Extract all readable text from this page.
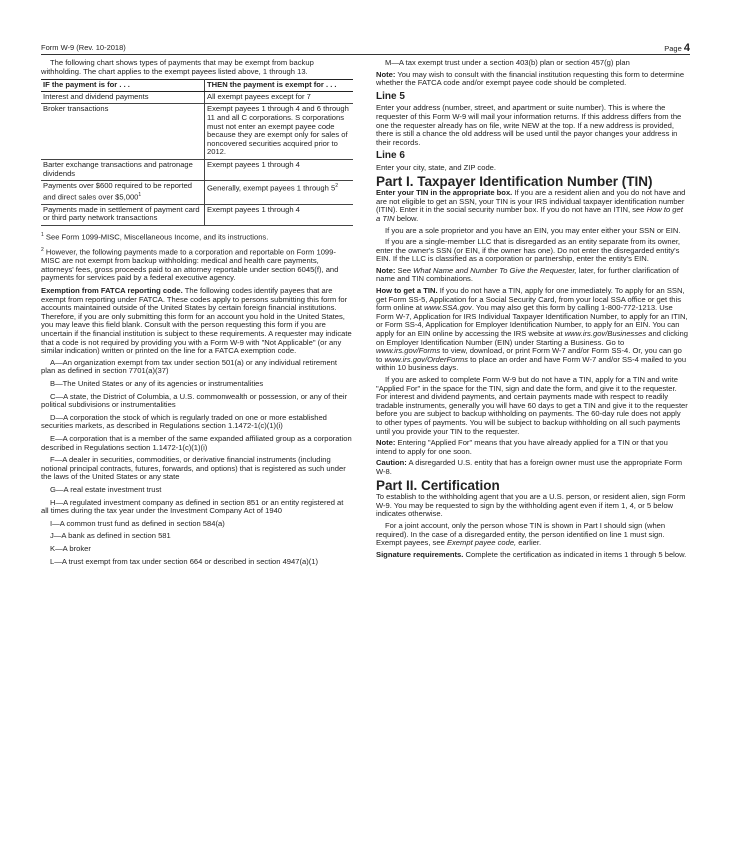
Form W-9 (Rev. 10-2018)	Page 4

The following chart shows types of payments that may be exempt from backup withholding. The chart applies to the exempt payees listed above, 1 through 13.

IF the payment is for . . .	THEN the payment is exempt for . . .
Interest and dividend payments	All exempt payees except for 7
Broker transactions	Exempt payees 1 through 4 and 6 through 11 and all C corporations. S corporations must not enter an exempt payee code because they are exempt only for sales of noncovered securities acquired prior to 2012.
Barter exchange transactions and patronage dividends	Exempt payees 1 through 4
Payments over $600 required to be reported and direct sales over $5,000$^1$	Generally, exempt payees 1 through $5^2$
Payments made in settlement of payment card or third party network transactions	Exempt payees 1 through 4

$^1$ See Form 1099-MISC, Miscellaneous Income, and its instructions.

$^2$ However, the following payments made to a corporation and reportable on Form 1099-MISC are not exempt from backup withholding: medical and health care payments, attorneys' fees, gross proceeds paid to an attorney reportable under section 6045(f), and payments for services paid by a federal executive agency.

Exemption from FATCA reporting code. The following codes identify payees that are exempt from reporting under FATCA. These codes apply to persons submitting this form for accounts maintained outside of the United States by certain foreign financial institutions. Therefore, if you are only submitting this form for an account you hold in the United States, you may leave this field blank. Consult with the person requesting this form if you are uncertain if the financial institution is subject to these requirements. A requester may indicate that a code is not required by providing you with a Form W-9 with "Not Applicable" (or any similar indication) written or printed on the line for a FATCA exemption code.

A—An organization exempt from tax under section 501(a) or any individual retirement plan as defined in section 7701(a)(37)

B—The United States or any of its agencies or instrumentalities

C—A state, the District of Columbia, a U.S. commonwealth or possession, or any of their political subdivisions or instrumentalities

D—A corporation the stock of which is regularly traded on one or more established securities markets, as described in Regulations section 1.1472-1(c)(1)(i)

E—A corporation that is a member of the same expanded affiliated group as a corporation described in Regulations section 1.1472-1(c)(1)(i)

F—A dealer in securities, commodities, or derivative financial instruments (including notional principal contracts, futures, forwards, and options) that is registered as such under the laws of the United States or any state

G—A real estate investment trust

H—A regulated investment company as defined in section 851 or an entity registered at all times during the tax year under the Investment Company Act of 1940

I—A common trust fund as defined in section 584(a)

J—A bank as defined in section 581

K—A broker

L—A trust exempt from tax under section 664 or described in section 4947(a)(1)

M—A tax exempt trust under a section 403(b) plan or section 457(g) plan

Note: You may wish to consult with the financial institution requesting this form to determine whether the FATCA code and/or exempt payee code should be completed.

Line 5

Enter your address (number, street, and apartment or suite number). This is where the requester of this Form W-9 will mail your information returns. If this address differs from the one the requester already has on file, write NEW at the top. If a new address is provided, there is still a chance the old address will be used until the payor changes your address in their records.

Line 6

Enter your city, state, and ZIP code.

Part I. Taxpayer Identification Number (TIN)

Enter your TIN in the appropriate box. If you are a resident alien and you do not have and are not eligible to get an SSN, your TIN is your IRS individual taxpayer identification number (ITIN). Enter it in the social security number box. If you do not have an ITIN, see How to get a TIN below.

If you are a sole proprietor and you have an EIN, you may enter either your SSN or EIN.

If you are a single-member LLC that is disregarded as an entity separate from its owner, enter the owner's SSN (or EIN, if the owner has one). Do not enter the disregarded entity's EIN. If the LLC is classified as a corporation or partnership, enter the entity's EIN.

Note: See What Name and Number To Give the Requester, later, for further clarification of name and TIN combinations.

How to get a TIN. If you do not have a TIN, apply for one immediately. To apply for an SSN, get Form SS-5, Application for a Social Security Card, from your local SSA office or get this form online at www.SSA.gov. You may also get this form by calling 1-800-772-1213. Use Form W-7, Application for IRS Individual Taxpayer Identification Number, to apply for an ITIN, or Form SS-4, Application for Employer Identification Number, to apply for an EIN. You can apply for an EIN online by accessing the IRS website at www.irs.gov/Businesses and clicking on Employer Identification Number (EIN) under Starting a Business. Go to www.irs.gov/Forms to view, download, or print Form W-7 and/or Form SS-4. Or, you can go to www.irs.gov/OrderForms to place an order and have Form W-7 and/or SS-4 mailed to you within 10 business days.

If you are asked to complete Form W-9 but do not have a TIN, apply for a TIN and write "Applied For" in the space for the TIN, sign and date the form, and give it to the requester. For interest and dividend payments, and certain payments made with respect to readily tradable instruments, generally you will have 60 days to get a TIN and give it to the requester before you are subject to backup withholding on payments. The 60-day rule does not apply to other types of payments. You will be subject to backup withholding on all such payments until you provide your TIN to the requester.

Note: Entering "Applied For" means that you have already applied for a TIN or that you intend to apply for one soon.

Caution: A disregarded U.S. entity that has a foreign owner must use the appropriate Form W-8.

Part II. Certification

To establish to the withholding agent that you are a U.S. person, or resident alien, sign Form W-9. You may be requested to sign by the withholding agent even if item 1, 4, or 5 below indicates otherwise.

For a joint account, only the person whose TIN is shown in Part I should sign (when required). In the case of a disregarded entity, the person identified on line 1 must sign. Exempt payees, see Exempt payee code, earlier.

Signature requirements. Complete the certification as indicated in items 1 through 5 below.
